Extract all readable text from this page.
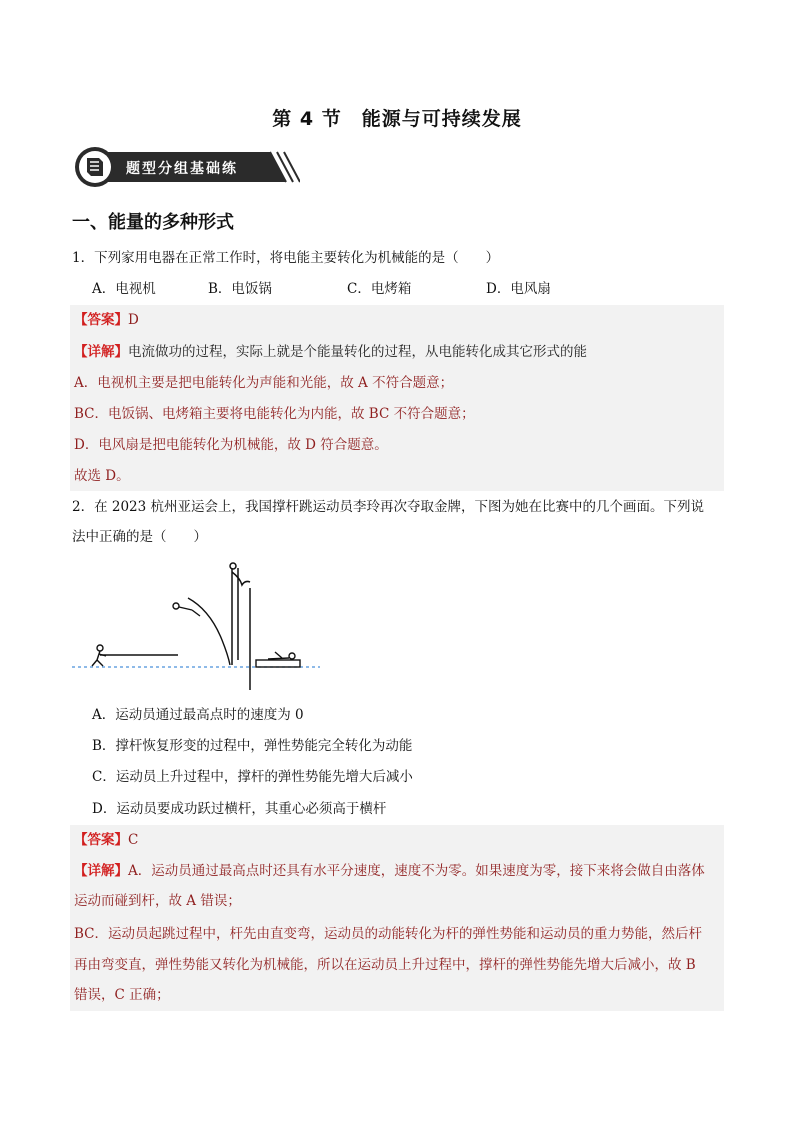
第 4 节　能源与可持续发展
题型分组基础练
一、能量的多种形式
1．下列家用电器在正常工作时，将电能主要转化为机械能的是（　　）
A．电视机	B．电饭锅	C．电烤箱	D．电风扇
【答案】D
【详解】电流做功的过程，实际上就是个能量转化的过程，从电能转化成其它形式的能
A．电视机主要是把电能转化为声能和光能，故 A 不符合题意；
BC．电饭锅、电烤箱主要将电能转化为内能，故 BC 不符合题意；
D．电风扇是把电能转化为机械能，故 D 符合题意。
故选 D。
2．在 2023 杭州亚运会上，我国撑杆跳运动员李玲再次夺取金牌，下图为她在比赛中的几个画面。下列说
法中正确的是（　　）
A．运动员通过最高点时的速度为 0
B．撑杆恢复形变的过程中，弹性势能完全转化为动能
C．运动员上升过程中，撑杆的弹性势能先增大后减小
D．运动员要成功跃过横杆，其重心必须高于横杆
【答案】C
【详解】A．运动员通过最高点时还具有水平分速度，速度不为零。如果速度为零，接下来将会做自由落体
运动而碰到杆，故 A 错误；
BC．运动员起跳过程中，杆先由直变弯，运动员的动能转化为杆的弹性势能和运动员的重力势能，然后杆
再由弯变直，弹性势能又转化为机械能，所以在运动员上升过程中，撑杆的弹性势能先增大后减小，故 B
错误，C 正确；
